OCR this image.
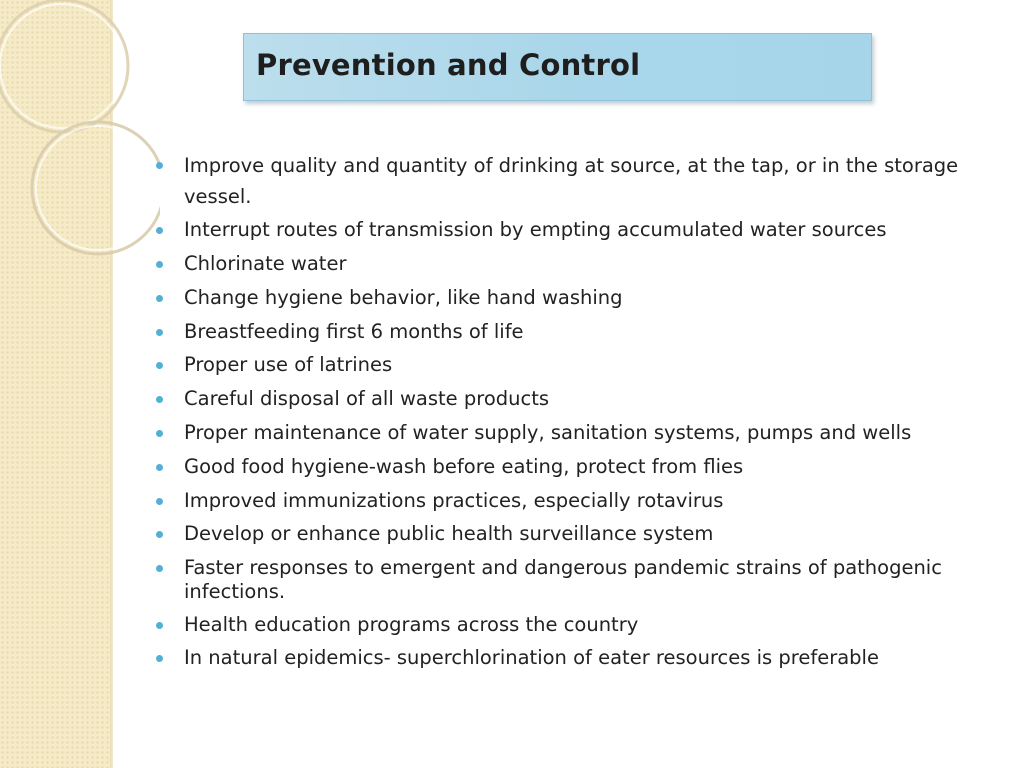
Prevention and Control
Improve quality and quantity of drinking at source, at the tap, or in the storage vessel.
Interrupt routes of transmission by empting accumulated water sources
Chlorinate water
Change hygiene behavior, like hand washing
Breastfeeding first 6 months of life
Proper use of latrines
Careful disposal of all waste products
Proper maintenance of water supply, sanitation systems, pumps and wells
Good food hygiene-wash before eating, protect from flies
Improved immunizations practices, especially rotavirus
Develop or enhance public health surveillance system
Faster responses to emergent and dangerous pandemic strains of pathogenic infections.
Health education programs across the country
In natural epidemics- superchlorination of eater resources is preferable
